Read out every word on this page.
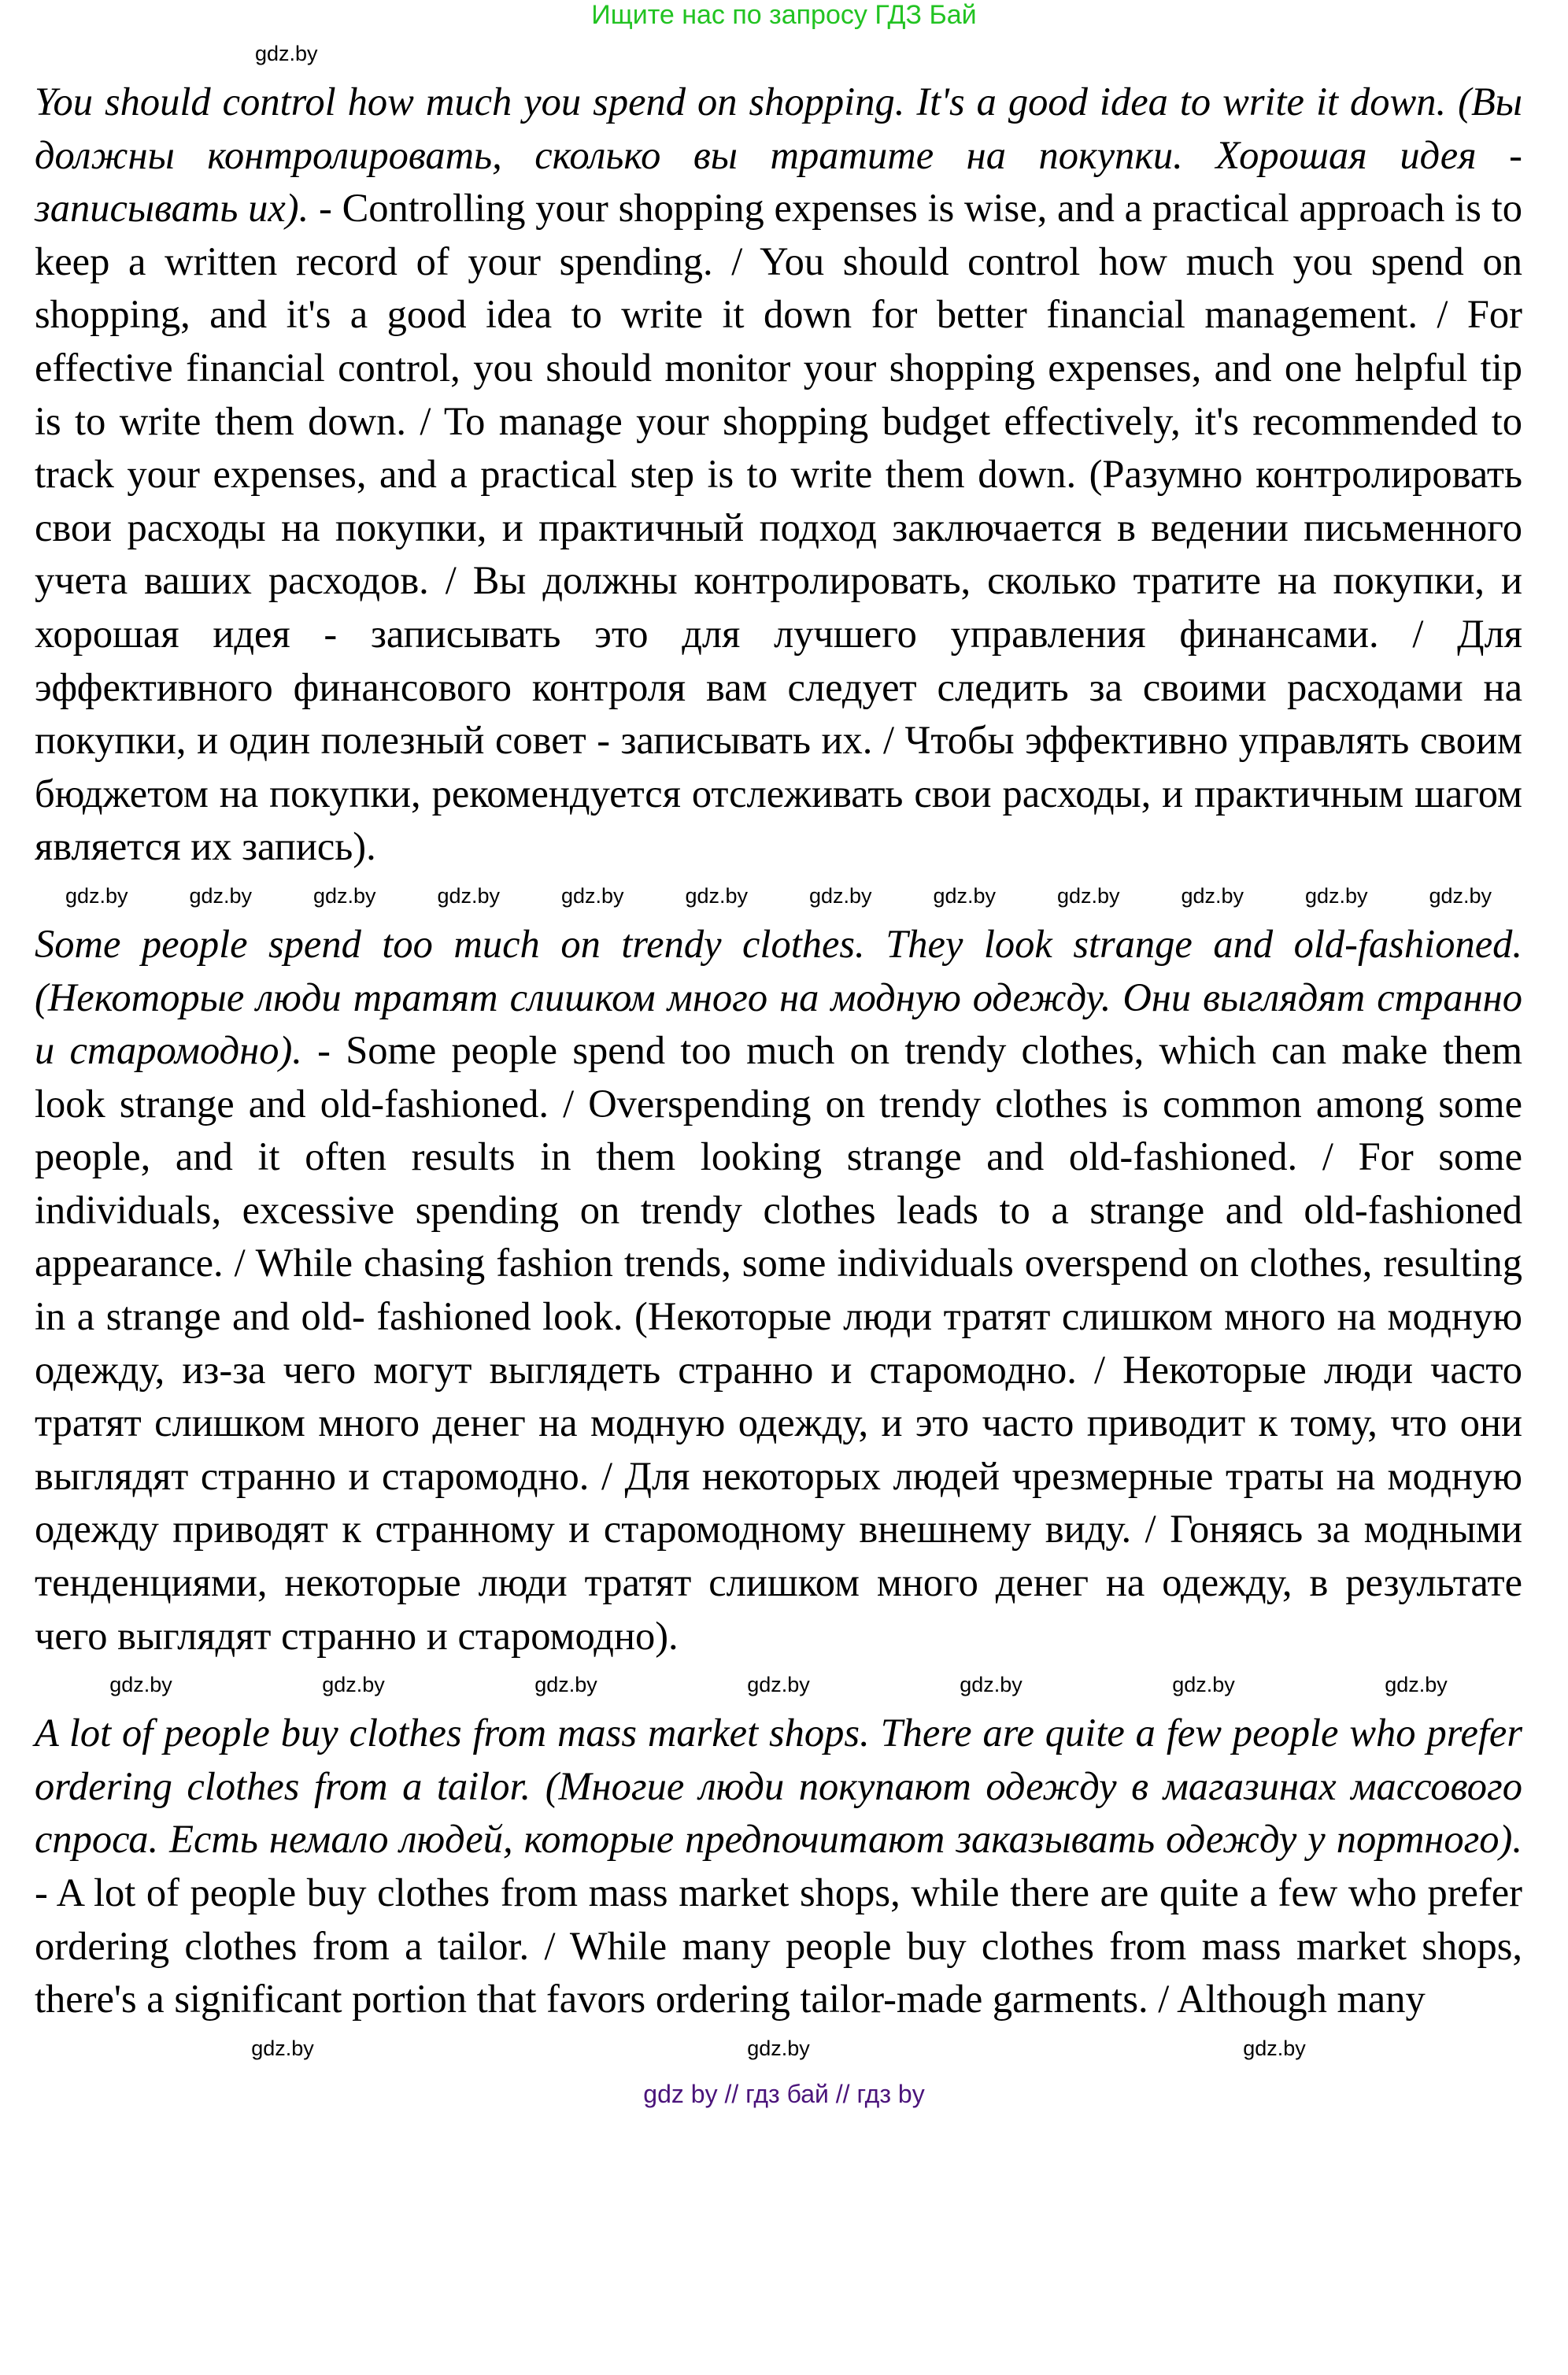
Ищите нас по запросу ГДЗ Бай
gdz.by
You should control how much you spend on shopping. It's a good idea to write it down. (Вы должны контролировать, сколько вы тратите на покупки. Хорошая идея - записывать их). - Controlling your shopping expenses is wise, and a practical approach is to keep a written record of your spending. / You should control how much you spend on shopping, and it's a good idea to write it down for better financial management. / For effective financial control, you should monitor your shopping expenses, and one helpful tip is to write them down. / To manage your shopping budget effectively, it's recommended to track your expenses, and a practical step is to write them down. (Разумно контролировать свои расходы на покупки, и практичный подход заключается в ведении письменного учета ваших расходов. / Вы должны контролировать, сколько тратите на покупки, и хорошая идея - записывать это для лучшего управления финансами. / Для эффективного финансового контроля вам следует следить за своими расходами на покупки, и один полезный совет - записывать их. / Чтобы эффективно управлять своим бюджетом на покупки, рекомендуется отслеживать свои расходы, и практичным шагом является их запись).
gdz.by	gdz.by	gdz.by	gdz.by	gdz.by	gdz.by	gdz.by	gdz.by	gdz.by	gdz.by	gdz.by	gdz.by
Some people spend too much on trendy clothes. They look strange and old-fashioned. (Некоторые люди тратят слишком много на модную одежду. Они выглядят странно и старомодно). - Some people spend too much on trendy clothes, which can make them look strange and old-fashioned. / Overspending on trendy clothes is common among some people, and it often results in them looking strange and old-fashioned. / For some individuals, excessive spending on trendy clothes leads to a strange and old-fashioned appearance. / While chasing fashion trends, some individuals overspend on clothes, resulting in a strange and old- fashioned look. (Некоторые люди тратят слишком много на модную одежду, из-за чего могут выглядеть странно и старомодно. / Некоторые люди часто тратят слишком много денег на модную одежду, и это часто приводит к тому, что они выглядят странно и старомодно. / Для некоторых людей чрезмерные траты на модную одежду приводят к странному и старомодному внешнему виду. / Гоняясь за модными тенденциями, некоторые люди тратят слишком много денег на одежду, в результате чего выглядят странно и старомодно).
gdz.by	gdz.by	gdz.by	gdz.by	gdz.by	gdz.by	gdz.by
A lot of people buy clothes from mass market shops. There are quite a few people who prefer ordering clothes from a tailor. (Многие люди покупают одежду в магазинах массового спроса. Есть немало людей, которые предпочитают заказывать одежду у портного). - A lot of people buy clothes from mass market shops, while there are quite a few who prefer ordering clothes from a tailor. / While many people buy clothes from mass market shops, there's a significant portion that favors ordering tailor-made garments. / Although many
gdz.by	gdz.by	gdz.by
gdz by // гдз бай // гдз by
